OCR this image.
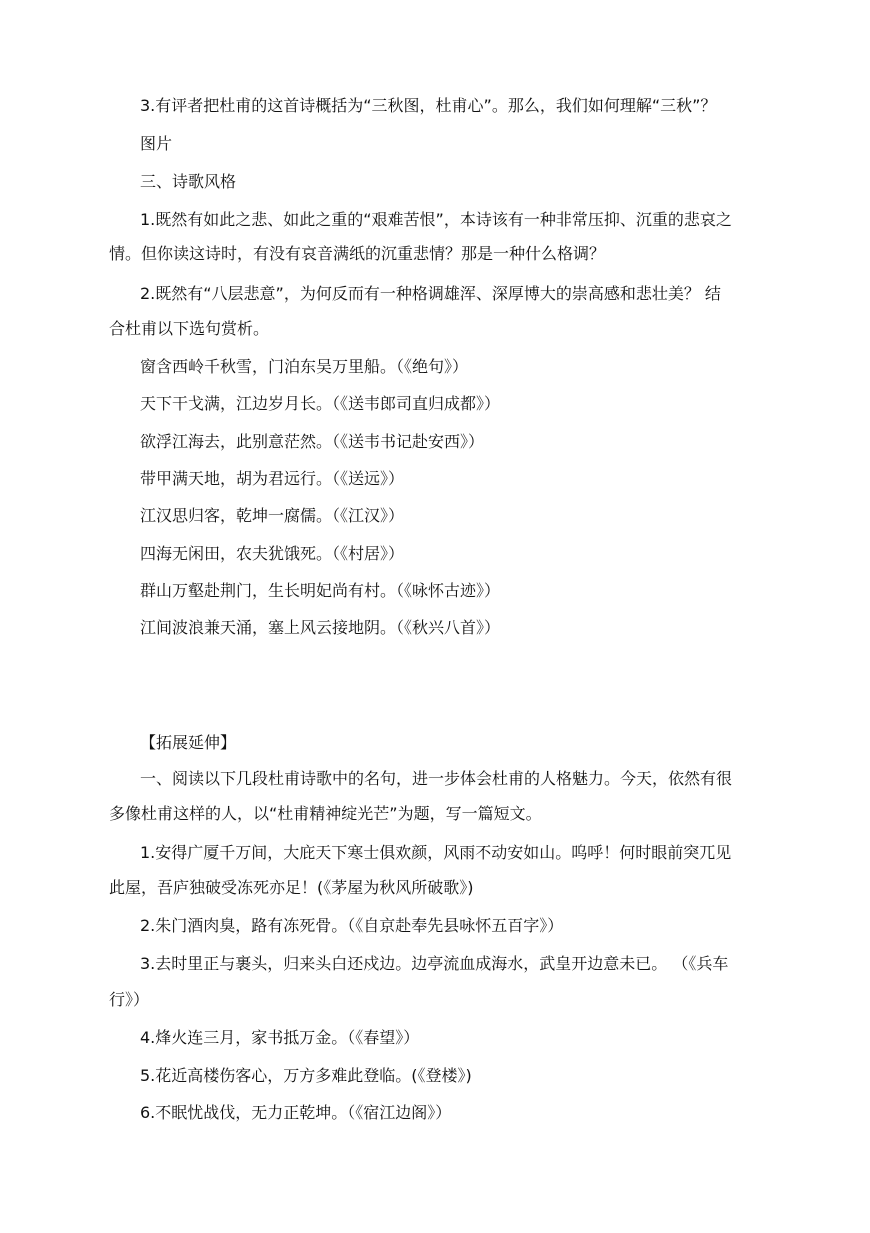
3.有评者把杜甫的这首诗概括为“三秋图，杜甫心”。那么，我们如何理解“三秋”？
图片
三、诗歌风格
1.既然有如此之悲、如此之重的“艰难苦恨”，本诗该有一种非常压抑、沉重的悲哀之
情。但你读这诗时，有没有哀音满纸的沉重悲情？那是一种什么格调？
2.既然有“八层悲意”，为何反而有一种格调雄浑、深厚博大的崇高感和悲壮美？ 结
合杜甫以下选句赏析。
窗含西岭千秋雪，门泊东吴万里船。（《绝句》）
天下干戈满，江边岁月长。（《送韦郎司直归成都》）
欲浮江海去，此别意茫然。（《送韦书记赴安西》）
带甲满天地，胡为君远行。（《送远》）
江汉思归客，乾坤一腐儒。（《江汉》）
四海无闲田，农夫犹饿死。（《村居》）
群山万壑赴荆门，生长明妃尚有村。（《咏怀古迹》）
江间波浪兼天涌，塞上风云接地阴。（《秋兴八首》）
【拓展延伸】
一、阅读以下几段杜甫诗歌中的名句，进一步体会杜甫的人格魅力。今天，依然有很
多像杜甫这样的人，以“杜甫精神绽光芒”为题，写一篇短文。
1.安得广厦千万间，大庇天下寒士俱欢颜，风雨不动安如山。呜呼！何时眼前突兀见
此屋，吾庐独破受冻死亦足！(《茅屋为秋风所破歌》)
2.朱门酒肉臭，路有冻死骨。（《自京赴奉先县咏怀五百字》）
3.去时里正与裹头，归来头白还戍边。边亭流血成海水，武皇开边意未已。 （《兵车
行》）
4.烽火连三月，家书抵万金。（《春望》）
5.花近高楼伤客心，万方多难此登临。(《登楼》)
6.不眠忧战伐，无力正乾坤。（《宿江边阁》）
